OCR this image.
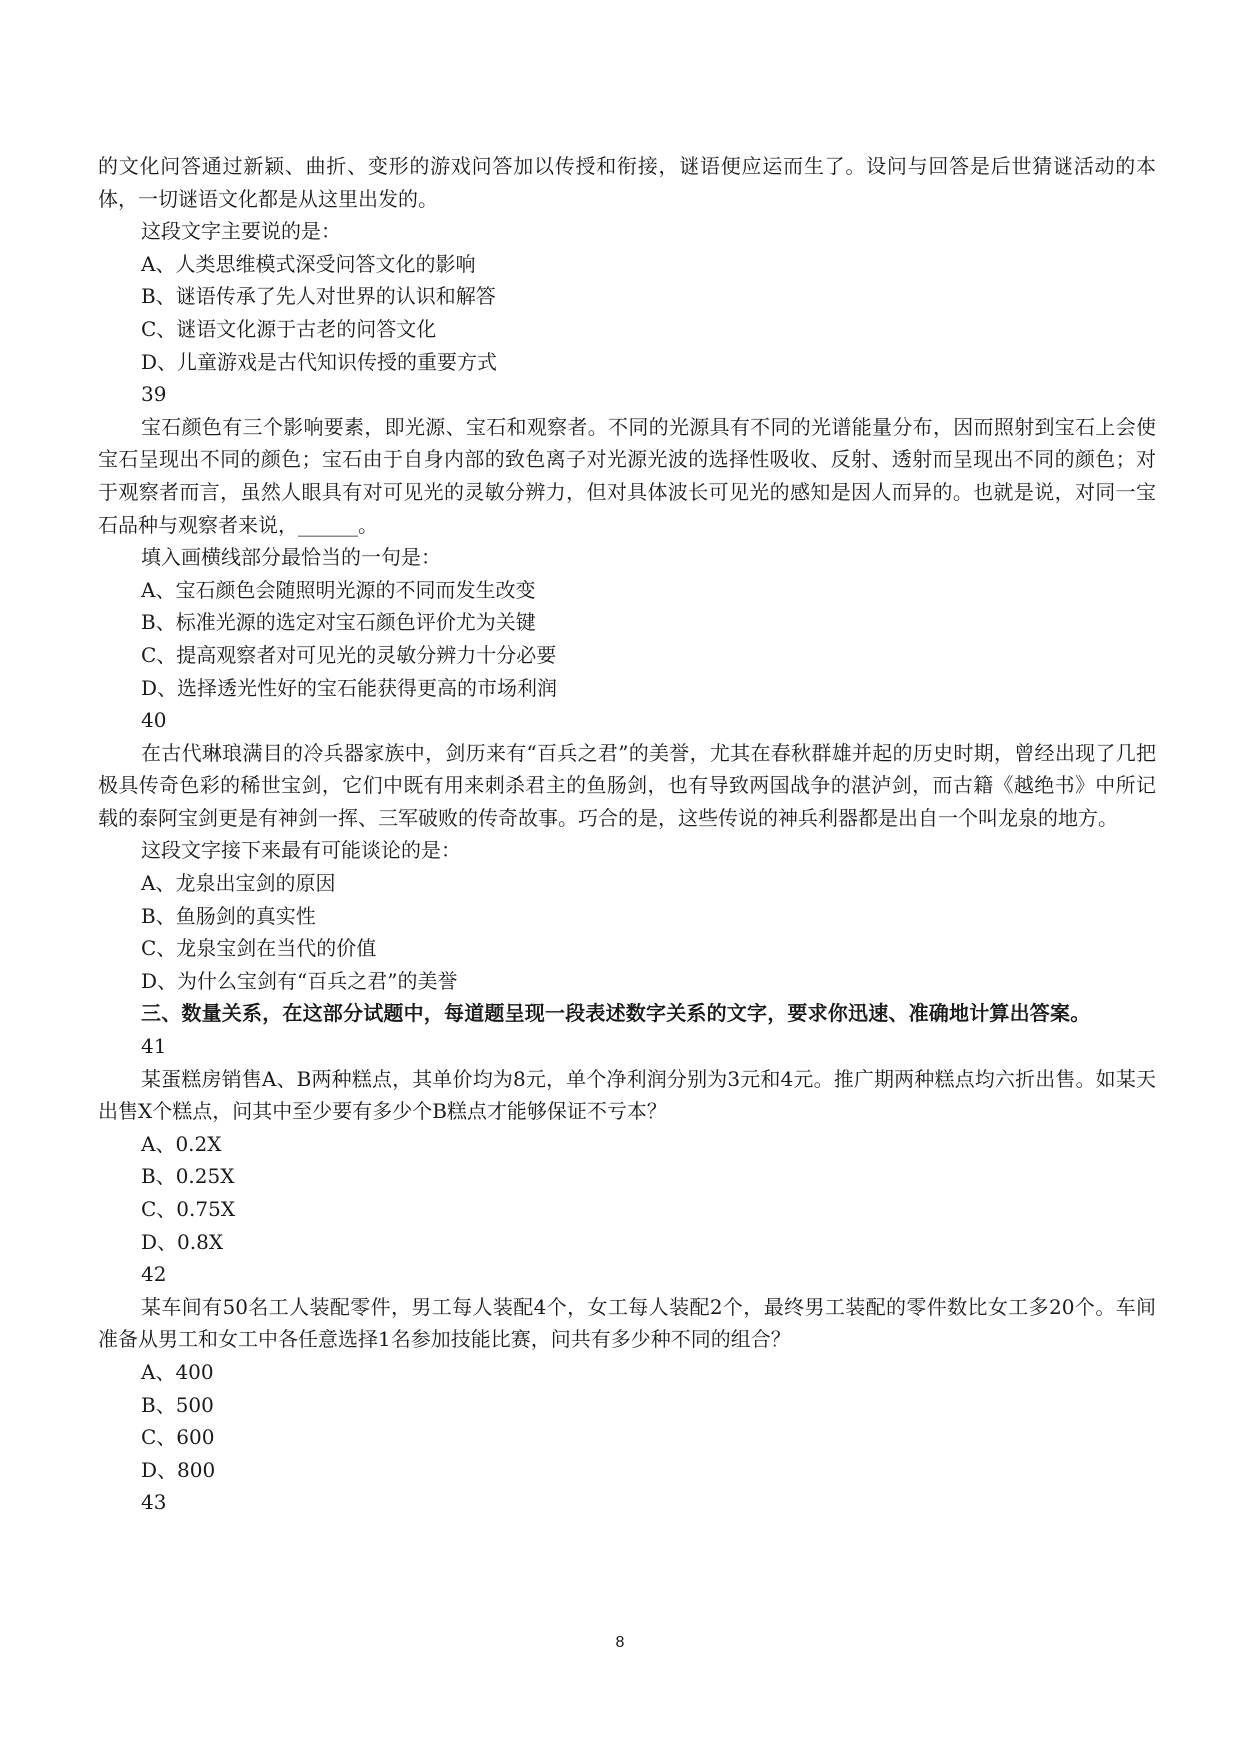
的文化问答通过新颖、曲折、变形的游戏问答加以传授和衔接，谜语便应运而生了。设问与回答是后世猜谜活动的本体，一切谜语文化都是从这里出发的。

这段文字主要说的是：

A、人类思维模式深受问答文化的影响

B、谜语传承了先人对世界的认识和解答

C、谜语文化源于古老的问答文化

D、儿童游戏是古代知识传授的重要方式

39

宝石颜色有三个影响要素，即光源、宝石和观察者。不同的光源具有不同的光谱能量分布，因而照射到宝石上会使宝石呈现出不同的颜色；宝石由于自身内部的致色离子对光源光波的选择性吸收、反射、透射而呈现出不同的颜色；对于观察者而言，虽然人眼具有对可见光的灵敏分辨力，但对具体波长可见光的感知是因人而异的。也就是说，对同一宝石品种与观察者来说，______。

填入画横线部分最恰当的一句是：

A、宝石颜色会随照明光源的不同而发生改变

B、标准光源的选定对宝石颜色评价尤为关键

C、提高观察者对可见光的灵敏分辨力十分必要

D、选择透光性好的宝石能获得更高的市场利润

40

在古代琳琅满目的冷兵器家族中，剑历来有“百兵之君”的美誉，尤其在春秋群雄并起的历史时期，曾经出现了几把极具传奇色彩的稀世宝剑，它们中既有用来刺杀君主的鱼肠剑，也有导致两国战争的湛泸剑，而古籍《越绝书》中所记载的泰阿宝剑更是有神剑一挥、三军破败的传奇故事。巧合的是，这些传说的神兵利器都是出自一个叫龙泉的地方。

这段文字接下来最有可能谈论的是：

A、龙泉出宝剑的原因

B、鱼肠剑的真实性

C、龙泉宝剑在当代的价值

D、为什么宝剑有“百兵之君”的美誉

三、数量关系，在这部分试题中，每道题呈现一段表述数字关系的文字，要求你迅速、准确地计算出答案。

41

某蛋糕房销售A、B两种糕点，其单价均为8元，单个净利润分别为3元和4元。推广期两种糕点均六折出售。如某天出售X个糕点，问其中至少要有多少个B糕点才能够保证不亏本？

A、0.2X

B、0.25X

C、0.75X

D、0.8X

42

某车间有50名工人装配零件，男工每人装配4个，女工每人装配2个，最终男工装配的零件数比女工多20个。车间准备从男工和女工中各任意选择1名参加技能比赛，问共有多少种不同的组合？

A、400

B、500

C、600

D、800

43

8
